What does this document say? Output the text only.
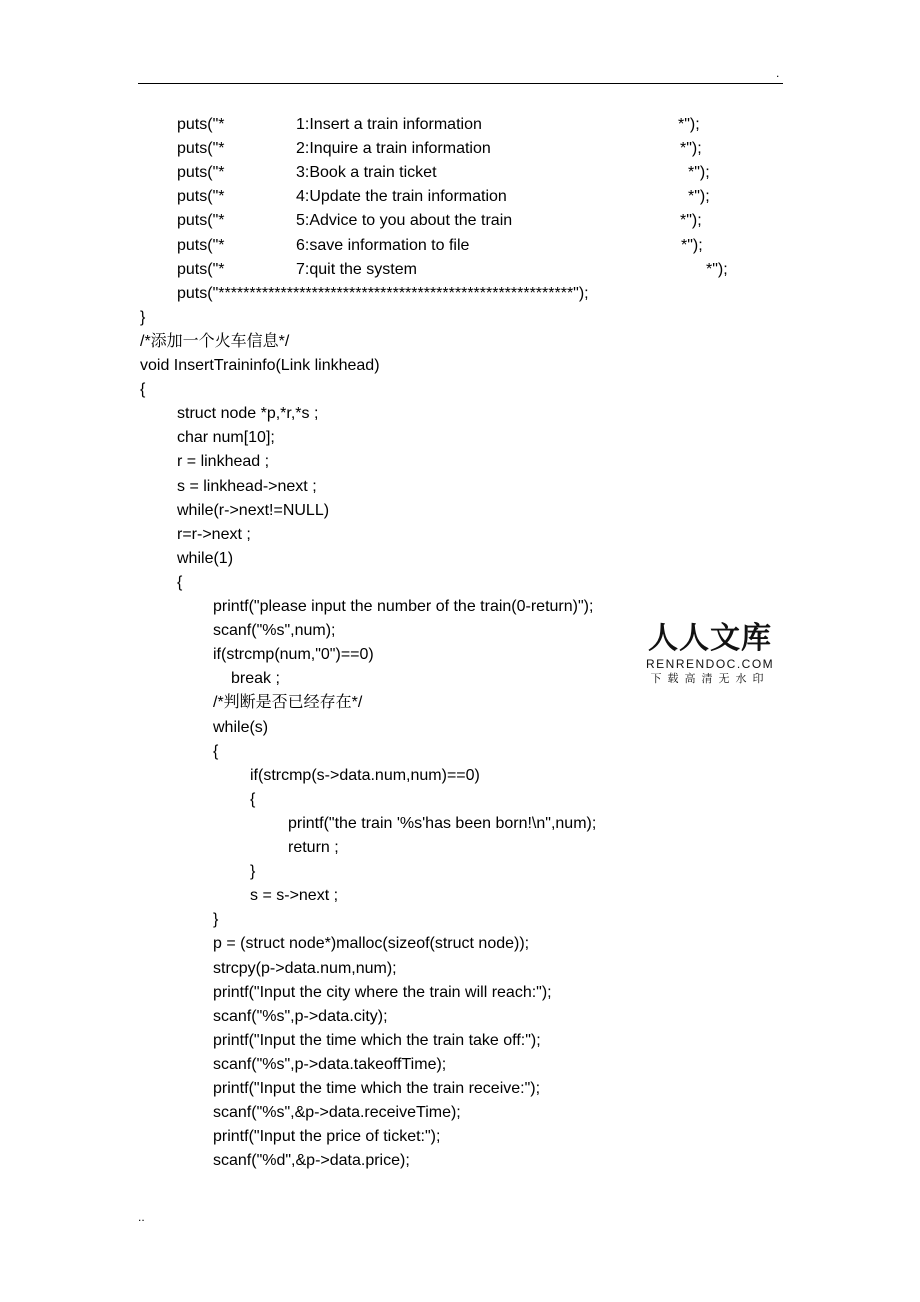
.
puts("*	1:Insert a train information	*");
puts("*	2:Inquire a train information	*");
puts("*	3:Book a train ticket	*");
puts("*	4:Update the train information	*");
puts("*	5:Advice to you about the train	*");
puts("*	6:save information to file	*");
puts("*	7:quit the system	*");
puts("*********************************************************");
}
/*添加一个火车信息*/
void InsertTraininfo(Link linkhead)
{
struct node *p,*r,*s ;
char num[10];
r = linkhead ;
s = linkhead->next ;
while(r->next!=NULL)
r=r->next ;
while(1)
{
printf("please input the number of the train(0-return)");
scanf("%s",num);
if(strcmp(num,"0")==0)
break ;
/*判断是否已经存在*/
while(s)
{
if(strcmp(s->data.num,num)==0)
{
printf("the train '%s'has been born!\n",num);
return ;
}
s = s->next ;
}
p = (struct node*)malloc(sizeof(struct node));
strcpy(p->data.num,num);
printf("Input the city where the train will reach:");
scanf("%s",p->data.city);
printf("Input the time which the train take off:");
scanf("%s",p->data.takeoffTime);
printf("Input the time which the train receive:");
scanf("%s",&p->data.receiveTime);
printf("Input the price of ticket:");
scanf("%d",&p->data.price);
人人文库
RENRENDOC.COM
下载高清无水印
..
